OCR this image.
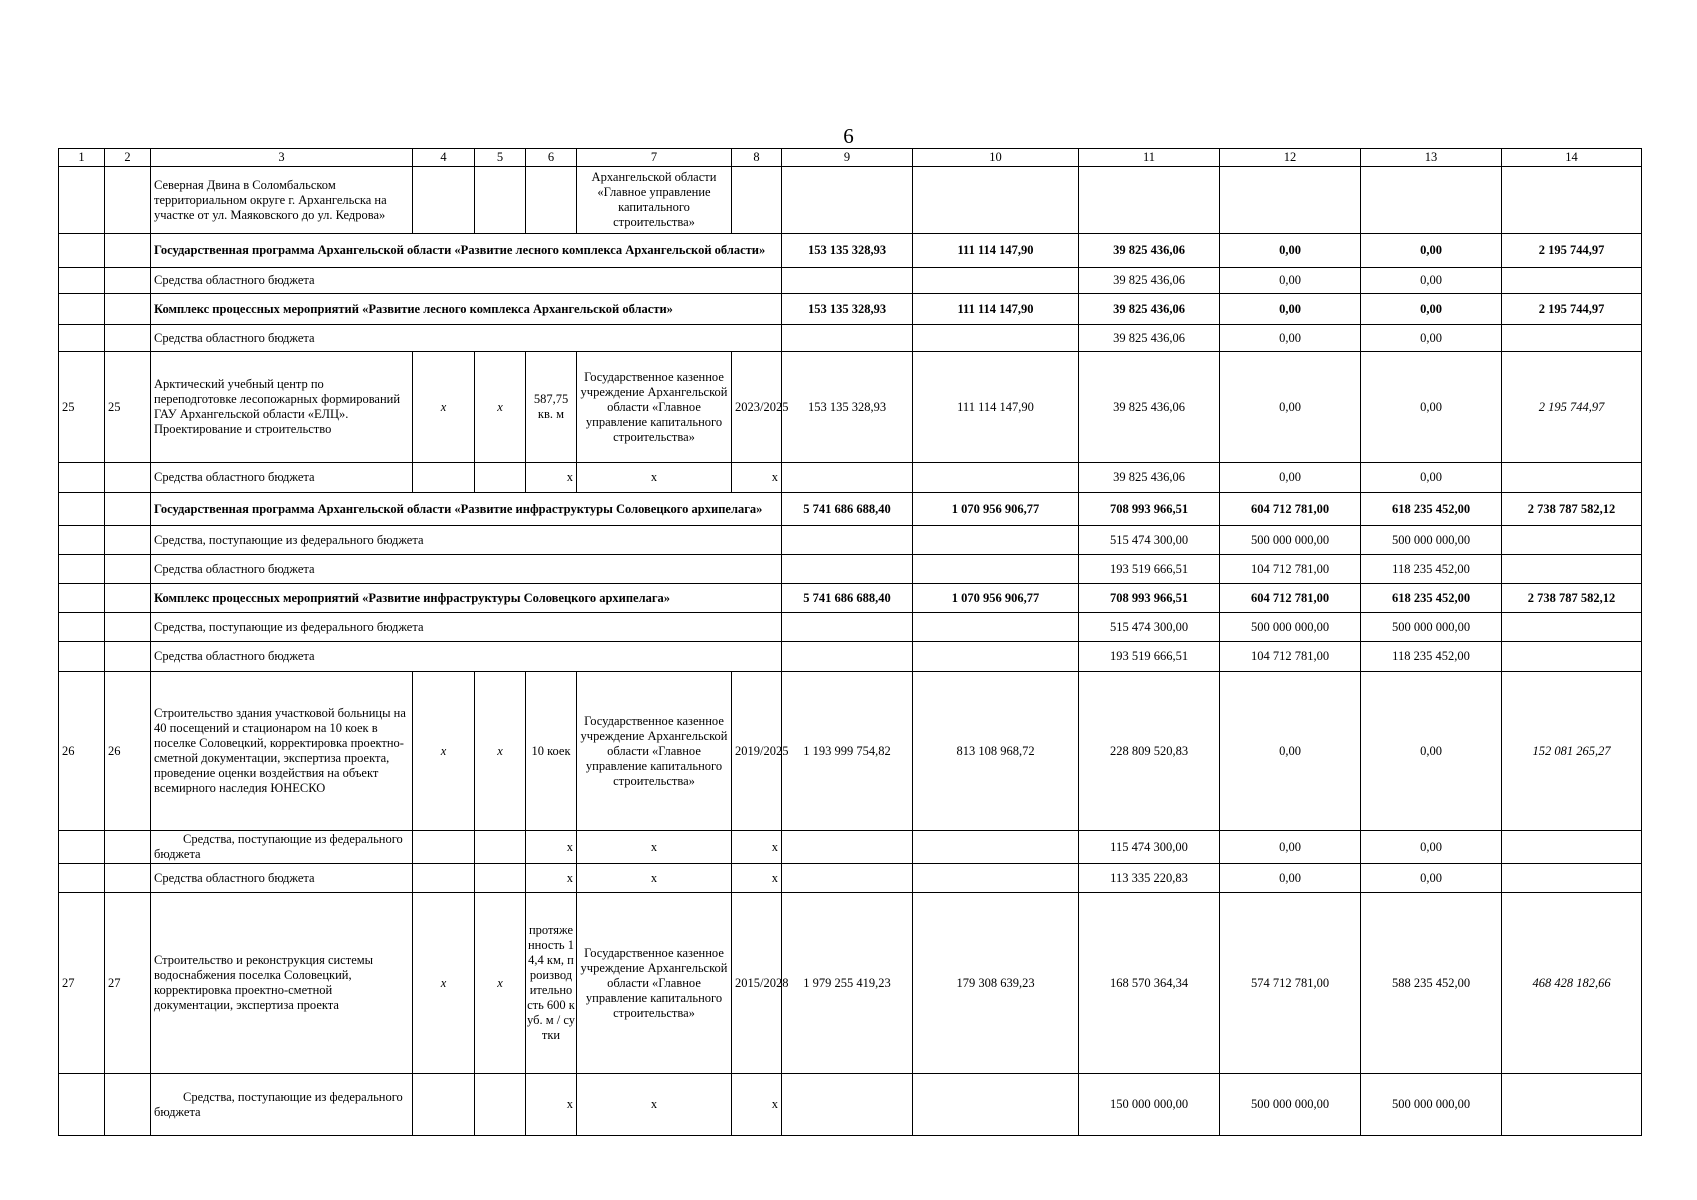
6
1	2	3	4	5	6	7	8	9	10	11	12	13	14
		Северная Двина в Соломбальском территориальном округе г. Архангельска на участке от ул. Маяковского до ул. Кедрова»				Архангельской области «Главное управление капитального строительства»							
		Государственная программа Архангельской области «Развитие лесного комплекса Архангельской области»						153 135 328,93	111 114 147,90	39 825 436,06	0,00	0,00	2 195 744,97
		Средства областного бюджета								39 825 436,06	0,00	0,00	
		Комплекс процессных мероприятий «Развитие лесного комплекса Архангельской области»						153 135 328,93	111 114 147,90	39 825 436,06	0,00	0,00	2 195 744,97
		Средства областного бюджета								39 825 436,06	0,00	0,00	
25	25	Арктический учебный центр по переподготовке лесопожарных формирований ГАУ Архангельской области «ЕЛЦ». Проектирование и строительство	x	x	587,75 кв. м	Государственное казенное учреждение Архангельской области «Главное управление капитального строительства»	2023/2025	153 135 328,93	111 114 147,90	39 825 436,06	0,00	0,00	2 195 744,97
		Средства областного бюджета			x	x	x			39 825 436,06	0,00	0,00	
		Государственная программа Архангельской области «Развитие инфраструктуры Соловецкого архипелага»						5 741 686 688,40	1 070 956 906,77	708 993 966,51	604 712 781,00	618 235 452,00	2 738 787 582,12
		Средства, поступающие из федерального бюджета								515 474 300,00	500 000 000,00	500 000 000,00	
		Средства областного бюджета								193 519 666,51	104 712 781,00	118 235 452,00	
		Комплекс процессных мероприятий «Развитие инфраструктуры Соловецкого архипелага»						5 741 686 688,40	1 070 956 906,77	708 993 966,51	604 712 781,00	618 235 452,00	2 738 787 582,12
		Средства, поступающие из федерального бюджета								515 474 300,00	500 000 000,00	500 000 000,00	
		Средства областного бюджета								193 519 666,51	104 712 781,00	118 235 452,00	
26	26	Строительство здания участковой больницы на 40 посещений и стационаром на 10 коек в поселке Соловецкий, корректировка проектно-сметной документации, экспертиза проекта, проведение оценки воздействия на объект всемирного наследия ЮНЕСКО	x	x	10 коек	Государственное казенное учреждение Архангельской области «Главное управление капитального строительства»	2019/2025	1 193 999 754,82	813 108 968,72	228 809 520,83	0,00	0,00	152 081 265,27
		Средства, поступающие из федерального бюджета			x	x	x			115 474 300,00	0,00	0,00	
		Средства областного бюджета			x	x	x			113 335 220,83	0,00	0,00	
27	27	Строительство и реконструкция системы водоснабжения поселка Соловецкий, корректировка проектно-сметной документации, экспертиза проекта	x	x	протяженность 14,4 км, производительность 600 куб. м / сутки	Государственное казенное учреждение Архангельской области «Главное управление капитального строительства»	2015/2028	1 979 255 419,23	179 308 639,23	168 570 364,34	574 712 781,00	588 235 452,00	468 428 182,66
		Средства, поступающие из федерального бюджета			x	x	x			150 000 000,00	500 000 000,00	500 000 000,00	
